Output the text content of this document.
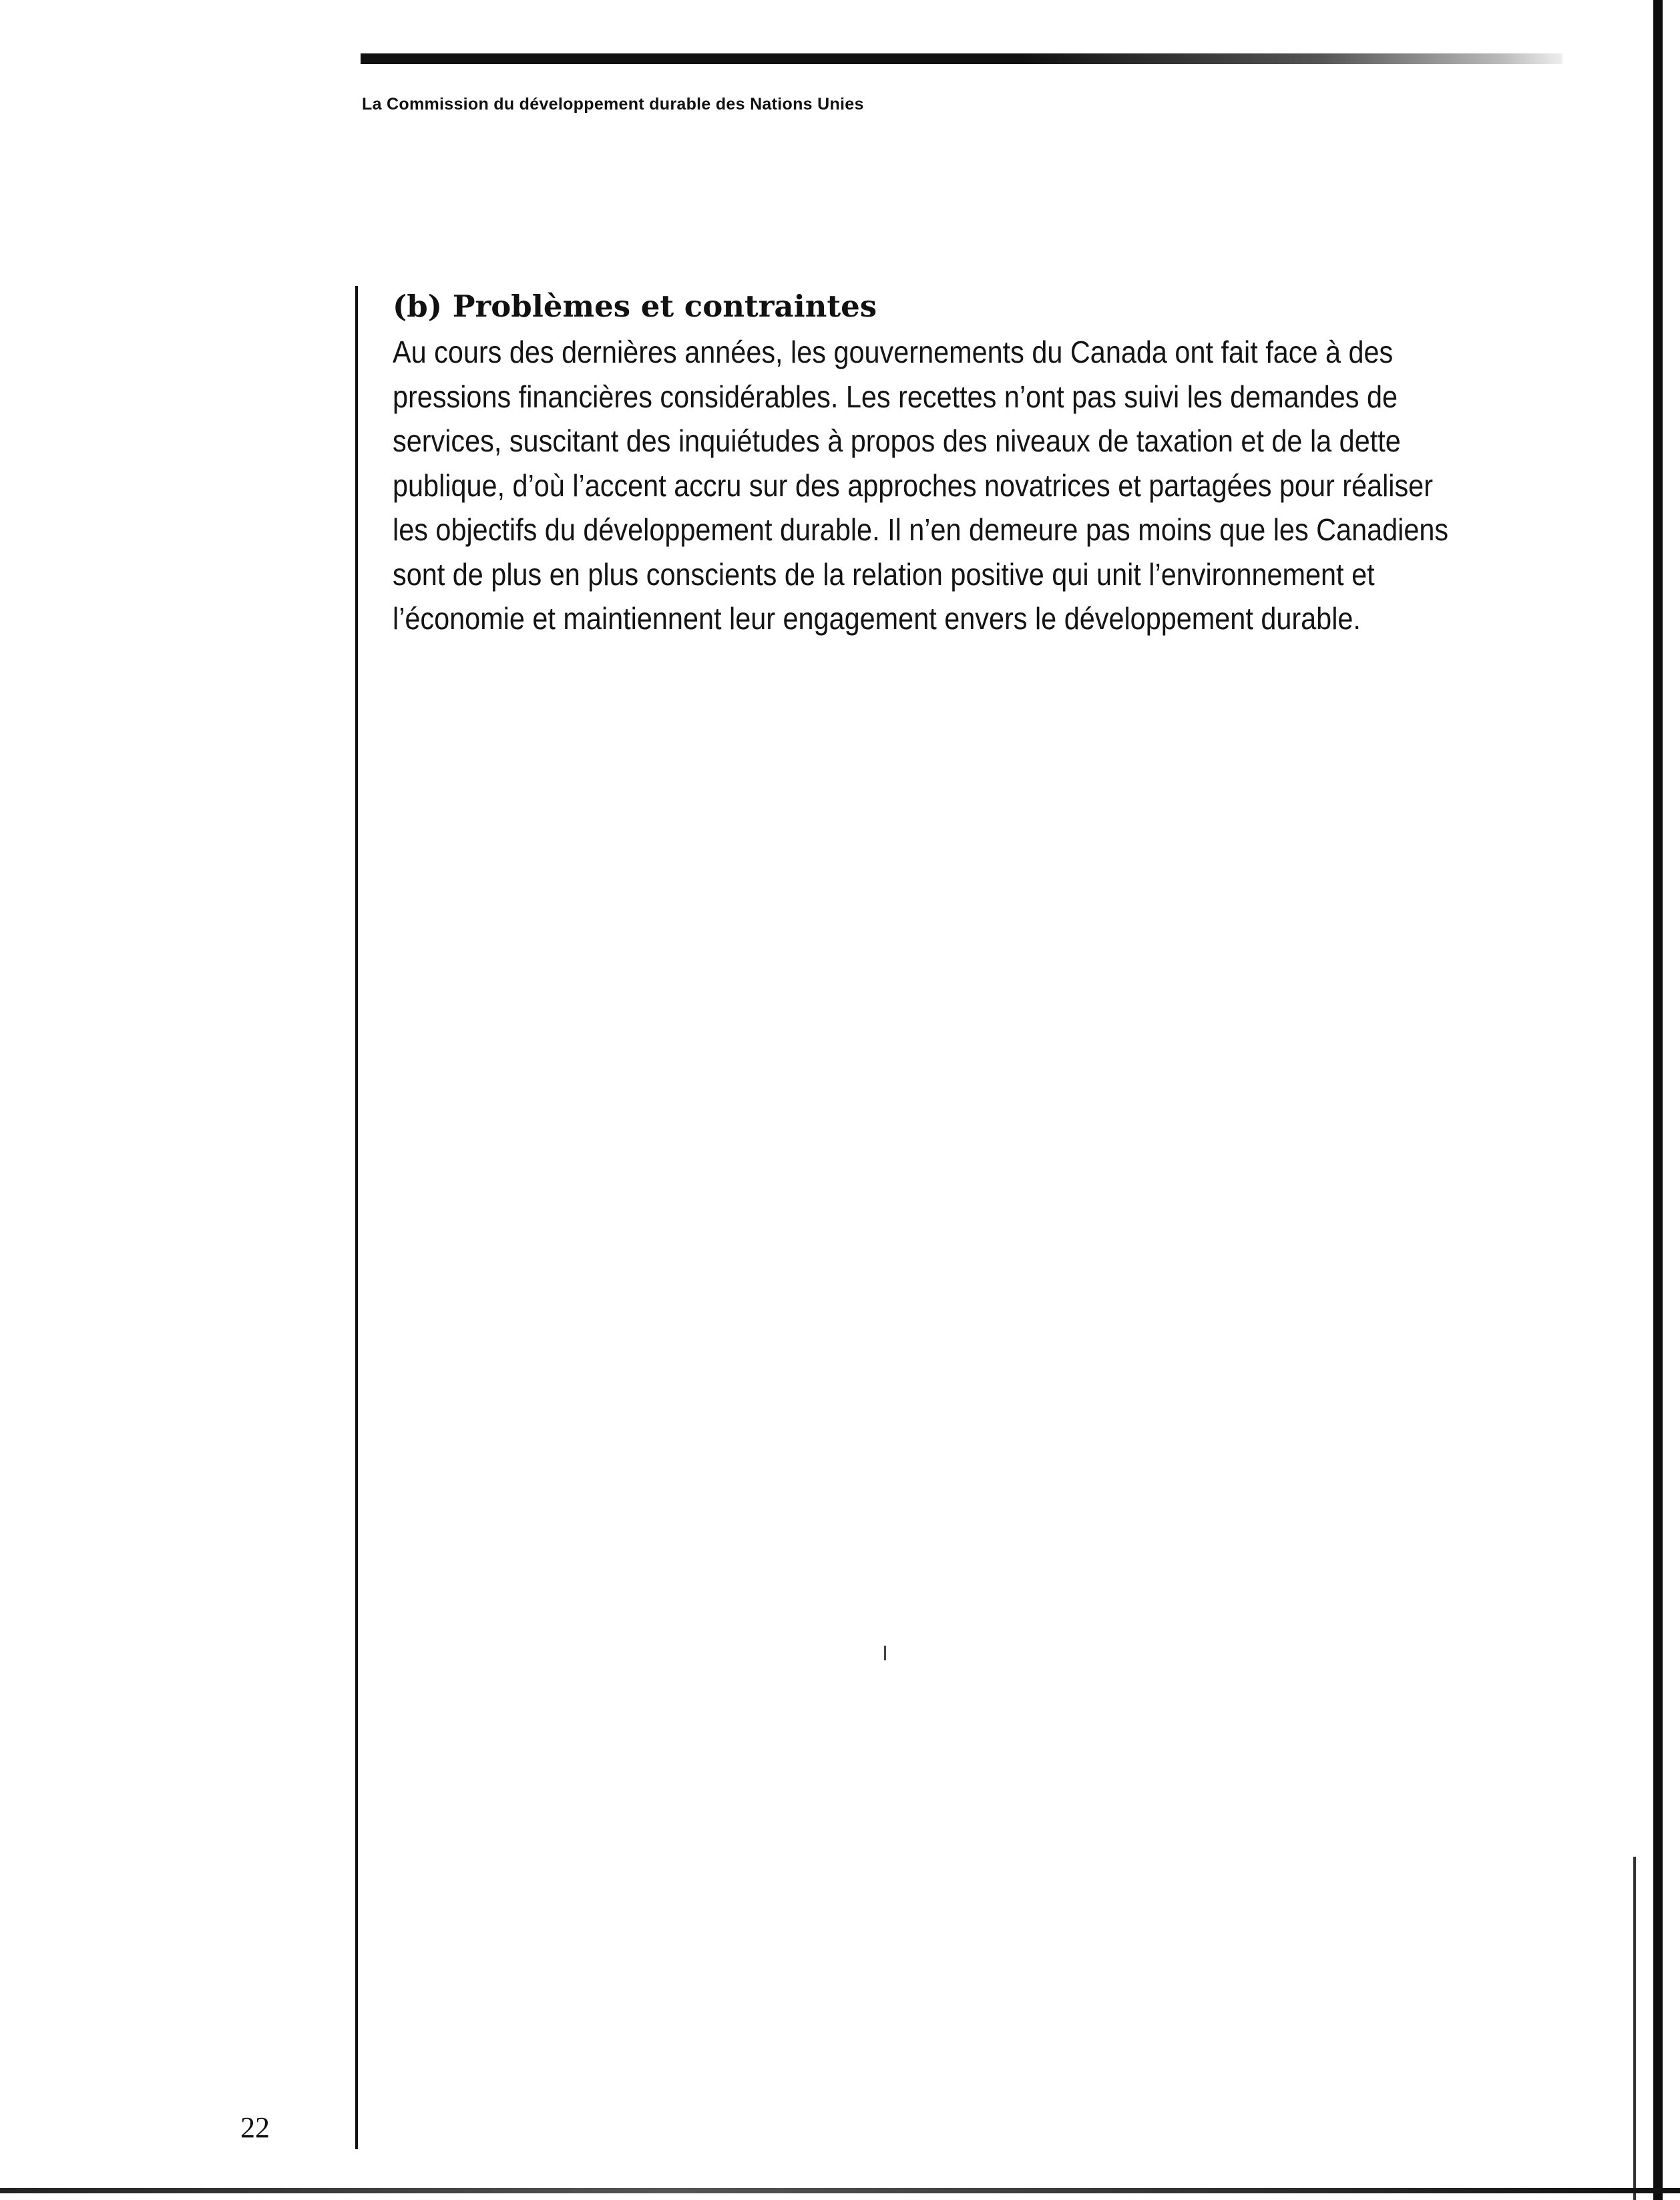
La Commission du développement durable des Nations Unies
(b) Problèmes et contraintes

Au cours des dernières années, les gouvernements du Canada ont fait face à des
pressions financières considérables. Les recettes n’ont pas suivi les demandes de
services, suscitant des inquiétudes à propos des niveaux de taxation et de la dette
publique, d’où l’accent accru sur des approches novatrices et partagées pour réaliser
les objectifs du développement durable. Il n’en demeure pas moins que les Canadiens
sont de plus en plus conscients de la relation positive qui unit l’environnement et
l’économie et maintiennent leur engagement envers le développement durable.

22
